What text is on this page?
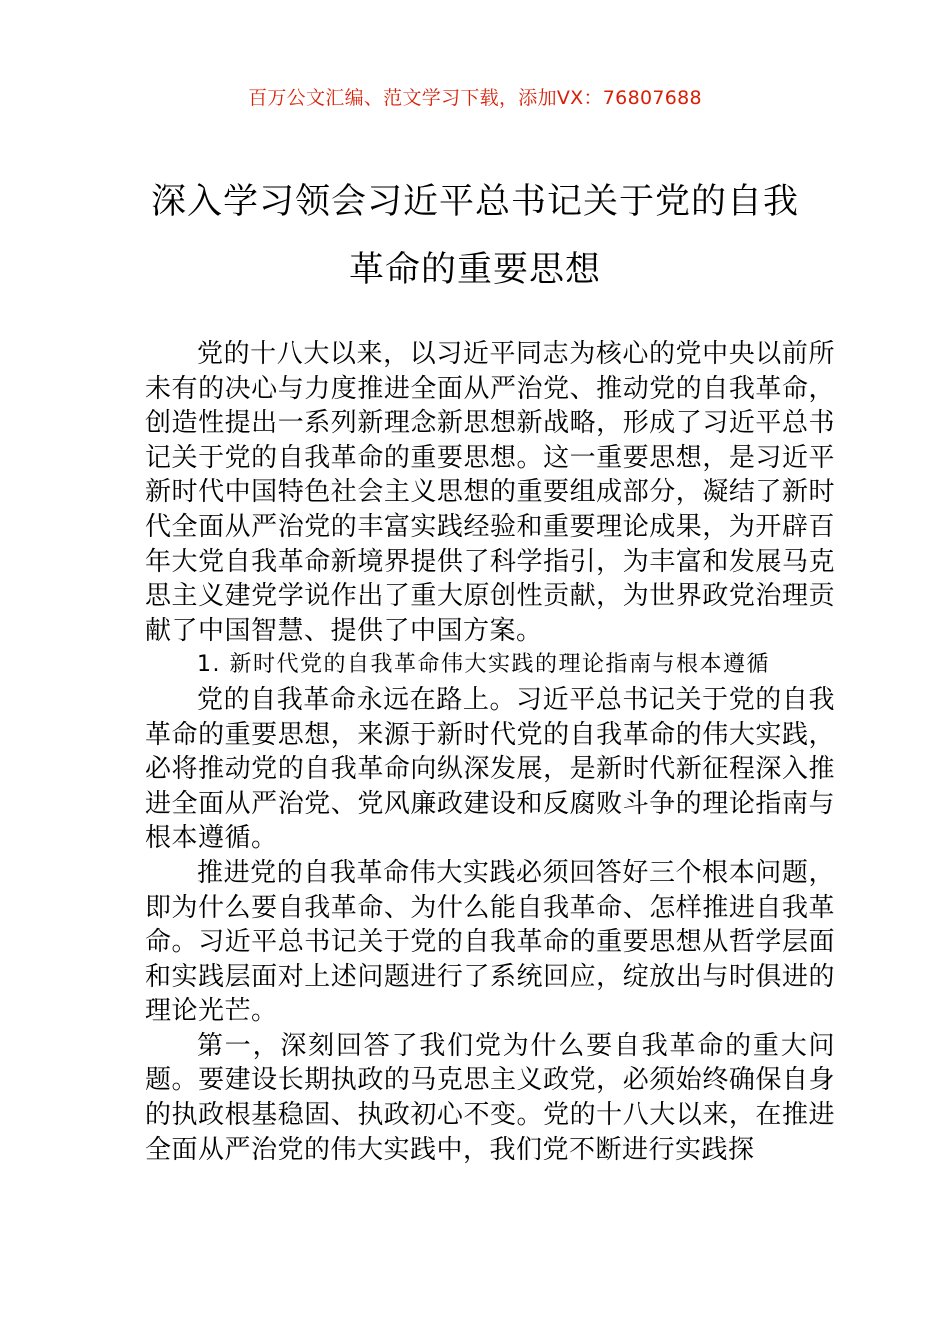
百万公文汇编、范文学习下载，添加VX：76807688
深入学习领会习近平总书记关于党的自我
革命的重要思想

党的十八大以来，以习近平同志为核心的党中央以前所未有的决心与力度推进全面从严治党、推动党的自我革命，创造性提出一系列新理念新思想新战略，形成了习近平总书记关于党的自我革命的重要思想。这一重要思想，是习近平新时代中国特色社会主义思想的重要组成部分，凝结了新时代全面从严治党的丰富实践经验和重要理论成果，为开辟百年大党自我革命新境界提供了科学指引，为丰富和发展马克思主义建党学说作出了重大原创性贡献，为世界政党治理贡献了中国智慧、提供了中国方案。

1. 新时代党的自我革命伟大实践的理论指南与根本遵循

党的自我革命永远在路上。习近平总书记关于党的自我革命的重要思想，来源于新时代党的自我革命的伟大实践，必将推动党的自我革命向纵深发展，是新时代新征程深入推进全面从严治党、党风廉政建设和反腐败斗争的理论指南与根本遵循。

推进党的自我革命伟大实践必须回答好三个根本问题，即为什么要自我革命、为什么能自我革命、怎样推进自我革命。习近平总书记关于党的自我革命的重要思想从哲学层面和实践层面对上述问题进行了系统回应，绽放出与时俱进的理论光芒。

第一，深刻回答了我们党为什么要自我革命的重大问题。要建设长期执政的马克思主义政党，必须始终确保自身的执政根基稳固、执政初心不变。党的十八大以来，在推进全面从严治党的伟大实践中，我们党不断进行实践探
